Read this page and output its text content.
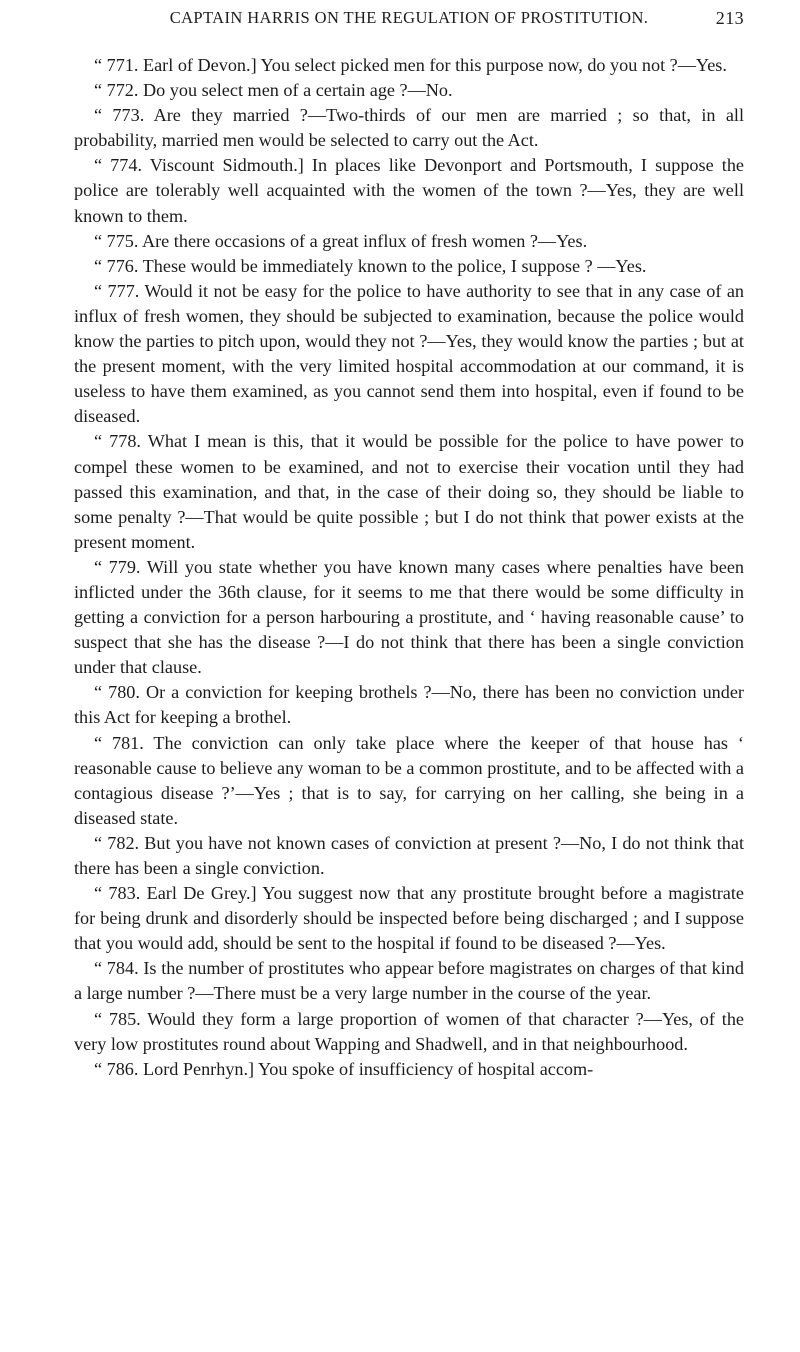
CAPTAIN HARRIS ON THE REGULATION OF PROSTITUTION.	213

“ 771. Earl of Devon.] You select picked men for this purpose now, do you not ?—Yes.

“ 772. Do you select men of a certain age ?—No.

“ 773. Are they married ?—Two-thirds of our men are married ; so that, in all probability, married men would be selected to carry out the Act.

“ 774. Viscount Sidmouth.] In places like Devonport and Portsmouth, I suppose the police are tolerably well acquainted with the women of the town ?—Yes, they are well known to them.

“ 775. Are there occasions of a great influx of fresh women ?—Yes.

“ 776. These would be immediately known to the police, I suppose ? —Yes.

“ 777. Would it not be easy for the police to have authority to see that in any case of an influx of fresh women, they should be subjected to examination, because the police would know the parties to pitch upon, would they not ?—Yes, they would know the parties ; but at the present moment, with the very limited hospital accommodation at our command, it is useless to have them examined, as you cannot send them into hospital, even if found to be diseased.

“ 778. What I mean is this, that it would be possible for the police to have power to compel these women to be examined, and not to exercise their vocation until they had passed this examination, and that, in the case of their doing so, they should be liable to some penalty ?—That would be quite possible ; but I do not think that power exists at the present moment.

“ 779. Will you state whether you have known many cases where penalties have been inflicted under the 36th clause, for it seems to me that there would be some difficulty in getting a conviction for a person harbouring a prostitute, and ‘ having reasonable cause’ to suspect that she has the disease ?—I do not think that there has been a single conviction under that clause.

“ 780. Or a conviction for keeping brothels ?—No, there has been no conviction under this Act for keeping a brothel.

“ 781. The conviction can only take place where the keeper of that house has ‘ reasonable cause to believe any woman to be a common prostitute, and to be affected with a contagious disease ?’—Yes ; that is to say, for carrying on her calling, she being in a diseased state.

“ 782. But you have not known cases of conviction at present ?—No, I do not think that there has been a single conviction.

“ 783. Earl De Grey.] You suggest now that any prostitute brought before a magistrate for being drunk and disorderly should be inspected before being discharged ; and I suppose that you would add, should be sent to the hospital if found to be diseased ?—Yes.

“ 784. Is the number of prostitutes who appear before magistrates on charges of that kind a large number ?—There must be a very large number in the course of the year.

“ 785. Would they form a large proportion of women of that character ?—Yes, of the very low prostitutes round about Wapping and Shadwell, and in that neighbourhood.

“ 786. Lord Penrhyn.] You spoke of insufficiency of hospital accom-
